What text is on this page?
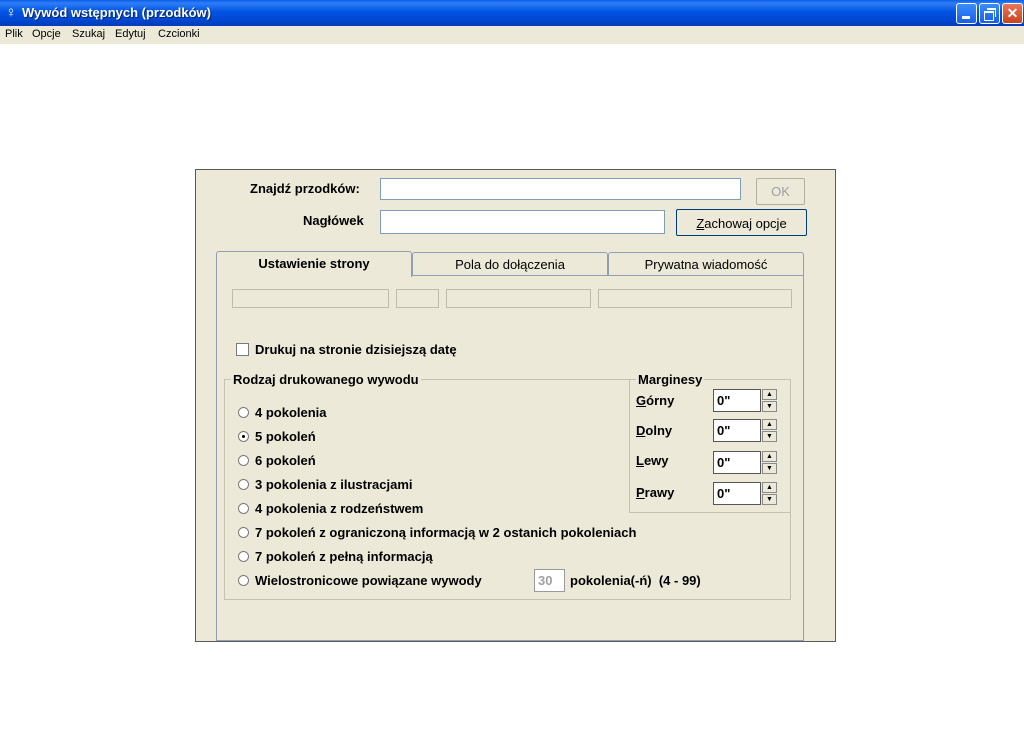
♀ Wywód wstępnych (przodków)	✕
Plik Opcje Szukaj Edytuj Czcionki
Znajdź przodków:	OK
Nagłówek	Zachowaj opcje
Ustawienie strony	Pola do dołączenia	Prywatna wiadomość
Drukuj na stronie dzisiejszą datę
Rodzaj drukowanego wywodu
4 pokolenia
5 pokoleń
6 pokoleń
3 pokolenia z ilustracjami
4 pokolenia z rodzeństwem
7 pokoleń z ograniczoną informacją w 2 ostanich pokoleniach
7 pokoleń z pełną informacją
Wielostronicowe powiązane wywody	30	pokolenia(-ń)  (4 - 99)
Marginesy
Górny	0"	▲
▼
Dolny	0"	▲
▼
Lewy	0"	▲
▼
Prawy	0"	▲
▼
